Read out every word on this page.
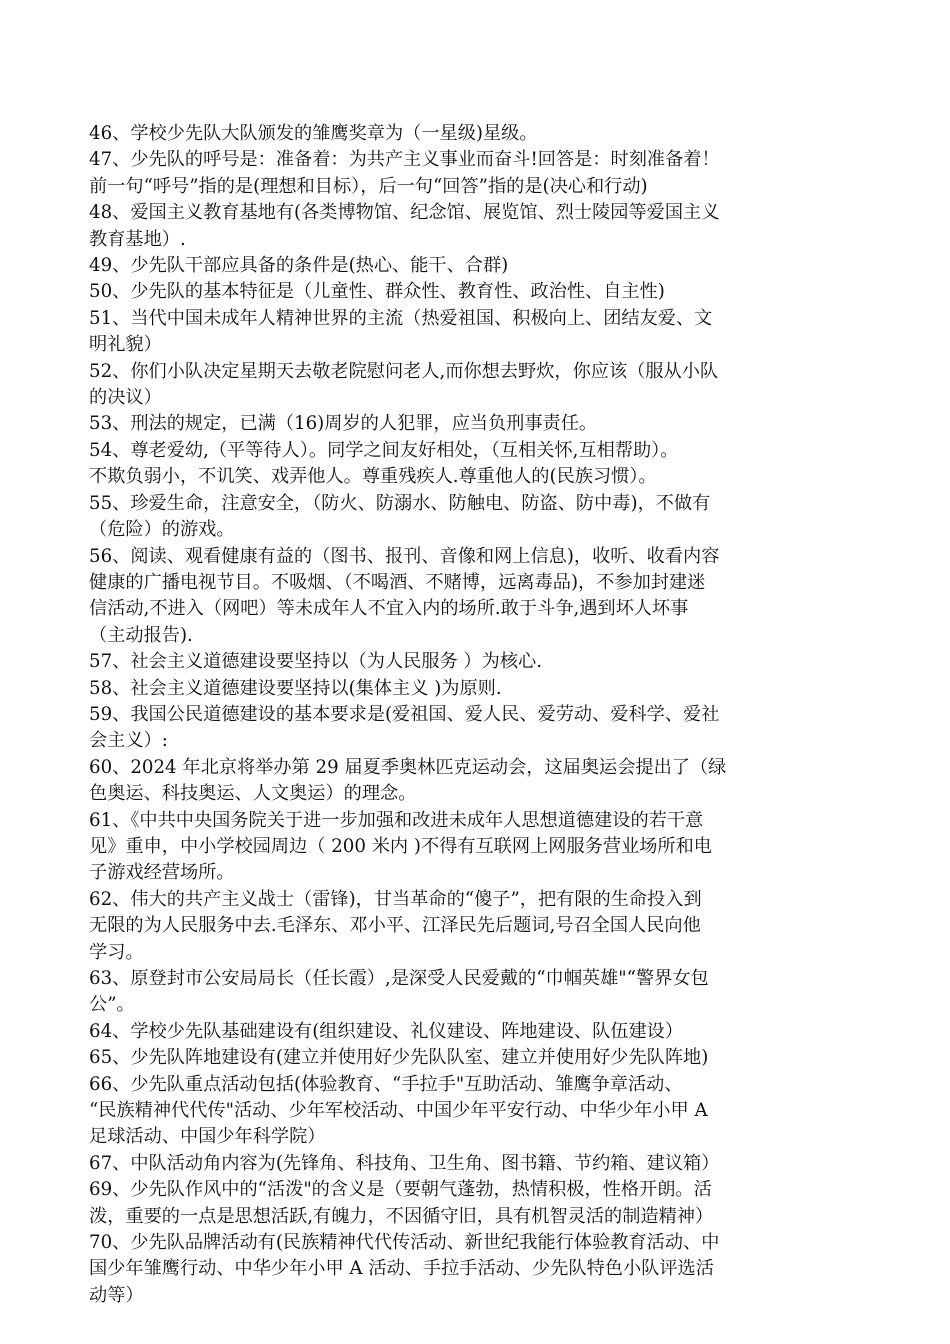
46、学校少先队大队颁发的雏鹰奖章为（一星级)星级。
47、少先队的呼号是：准备着：为共产主义事业而奋斗!回答是：时刻准备着！
前一句“呼号”指的是(理想和目标），后一句“回答”指的是(决心和行动)
48、爱国主义教育基地有(各类博物馆、纪念馆、展览馆、烈士陵园等爱国主义
教育基地）.
49、少先队干部应具备的条件是(热心、能干、合群)
50、少先队的基本特征是（儿童性、群众性、教育性、政治性、自主性)
51、当代中国未成年人精神世界的主流（热爱祖国、积极向上、团结友爱、文
明礼貌）
52、你们小队决定星期天去敬老院慰问老人,而你想去野炊，你应该（服从小队
的决议）
53、刑法的规定，已满（16)周岁的人犯罪，应当负刑事责任。
54、尊老爱幼,（平等待人）。同学之间友好相处，（互相关怀,互相帮助）。
不欺负弱小，不讥笑、戏弄他人。尊重残疾人.尊重他人的(民族习惯）。
55、珍爱生命，注意安全，（防火、防溺水、防触电、防盗、防中毒)，不做有
（危险）的游戏。
56、阅读、观看健康有益的（图书、报刊、音像和网上信息)，收听、收看内容
健康的广播电视节目。不吸烟、（不喝酒、不赌博，远离毒品)，不参加封建迷
信活动,不进入（网吧）等未成年人不宜入内的场所.敢于斗争,遇到坏人坏事
（主动报告).
57、社会主义道德建设要坚持以（为人民服务 ）为核心.
58、社会主义道德建设要坚持以(集体主义 )为原则.
59、我国公民道德建设的基本要求是(爱祖国、爱人民、爱劳动、爱科学、爱社
会主义）:
60、2024 年北京将举办第 29 届夏季奥林匹克运动会，这届奥运会提出了（绿
色奥运、科技奥运、人文奥运）的理念。
61、《中共中央国务院关于进一步加强和改进未成年人思想道德建设的若干意
见》重申，中小学校园周边（ 200 米内 )不得有互联网上网服务营业场所和电
子游戏经营场所。
62、伟大的共产主义战士（雷锋)，甘当革命的“傻子”，把有限的生命投入到
无限的为人民服务中去.毛泽东、邓小平、江泽民先后题词,号召全国人民向他
学习。
63、原登封市公安局局长（任长霞）,是深受人民爱戴的“巾帼英雄"“警界女包
公”。
64、学校少先队基础建设有(组织建设、礼仪建设、阵地建设、队伍建设）
65、少先队阵地建设有(建立并使用好少先队队室、建立并使用好少先队阵地)
66、少先队重点活动包括(体验教育、“手拉手"互助活动、雏鹰争章活动、
“民族精神代代传"活动、少年军校活动、中国少年平安行动、中华少年小甲 A
足球活动、中国少年科学院）
67、中队活动角内容为(先锋角、科技角、卫生角、图书籍、节约箱、建议箱）
69、少先队作风中的“活泼"的含义是（要朝气蓬勃，热情积极，性格开朗。活
泼，重要的一点是思想活跃,有魄力，不因循守旧，具有机智灵活的制造精神）
70、少先队品牌活动有(民族精神代代传活动、新世纪我能行体验教育活动、中
国少年雏鹰行动、中华少年小甲 A 活动、手拉手活动、少先队特色小队评选活
动等）
